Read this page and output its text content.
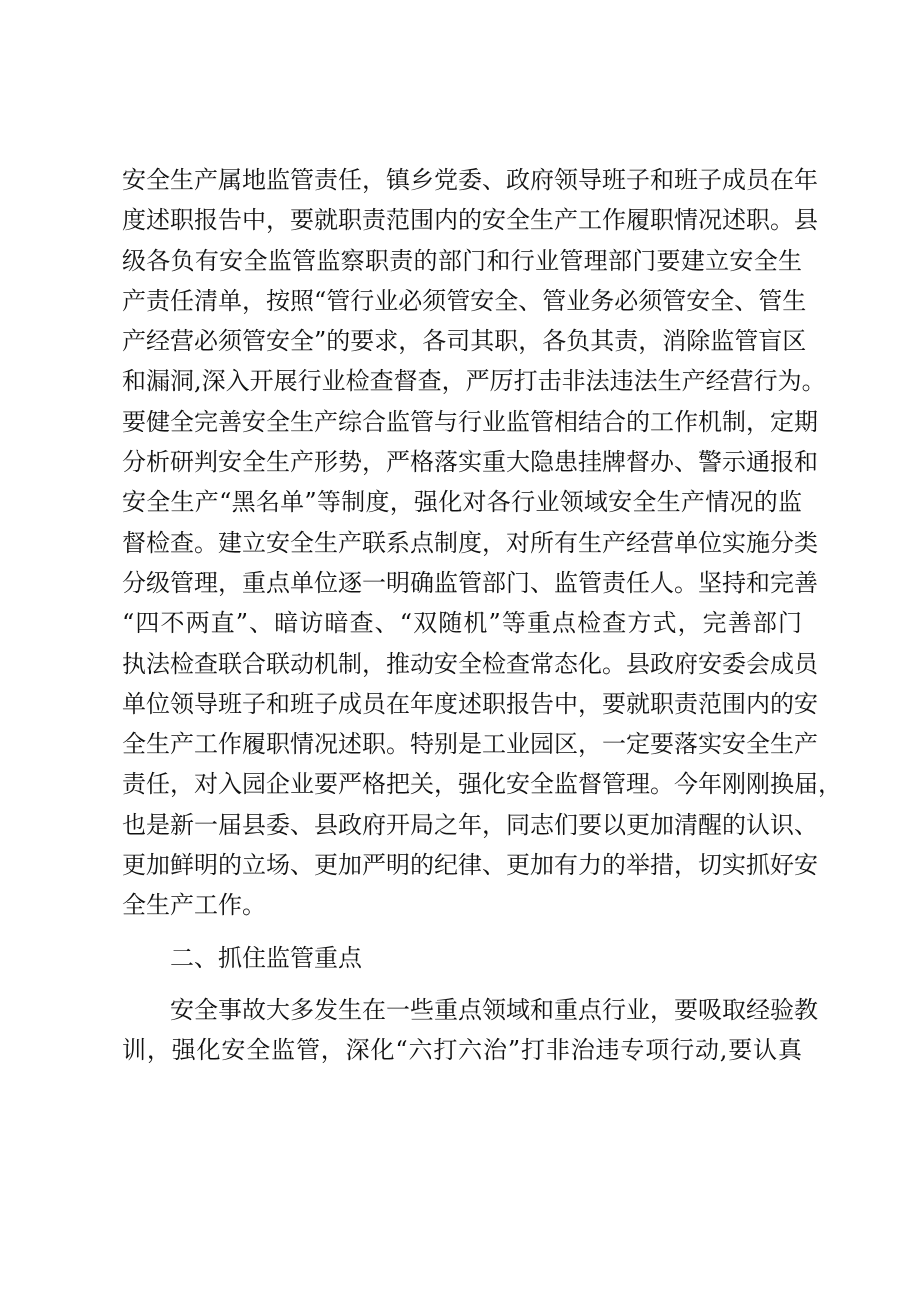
安全生产属地监管责任，镇乡党委、政府领导班子和班子成员在年
度述职报告中，要就职责范围内的安全生产工作履职情况述职。县
级各负有安全监管监察职责的部门和行业管理部门要建立安全生
产责任清单，按照“管行业必须管安全、管业务必须管安全、管生
产经营必须管安全”的要求，各司其职，各负其责，消除监管盲区
和漏洞,深入开展行业检查督查，严厉打击非法违法生产经营行为。
要健全完善安全生产综合监管与行业监管相结合的工作机制，定期
分析研判安全生产形势，严格落实重大隐患挂牌督办、警示通报和
安全生产“黑名单”等制度，强化对各行业领域安全生产情况的监
督检查。建立安全生产联系点制度，对所有生产经营单位实施分类
分级管理，重点单位逐一明确监管部门、监管责任人。坚持和完善
“四不两直”、暗访暗查、“双随机”等重点检查方式，完善部门
执法检查联合联动机制，推动安全检查常态化。县政府安委会成员
单位领导班子和班子成员在年度述职报告中，要就职责范围内的安
全生产工作履职情况述职。特别是工业园区，一定要落实安全生产
责任，对入园企业要严格把关，强化安全监督管理。今年刚刚换届，
也是新一届县委、县政府开局之年，同志们要以更加清醒的认识、
更加鲜明的立场、更加严明的纪律、更加有力的举措，切实抓好安
全生产工作。
二、抓住监管重点
安全事故大多发生在一些重点领域和重点行业，要吸取经验教
训，强化安全监管，深化“六打六治”打非治违专项行动,要认真
